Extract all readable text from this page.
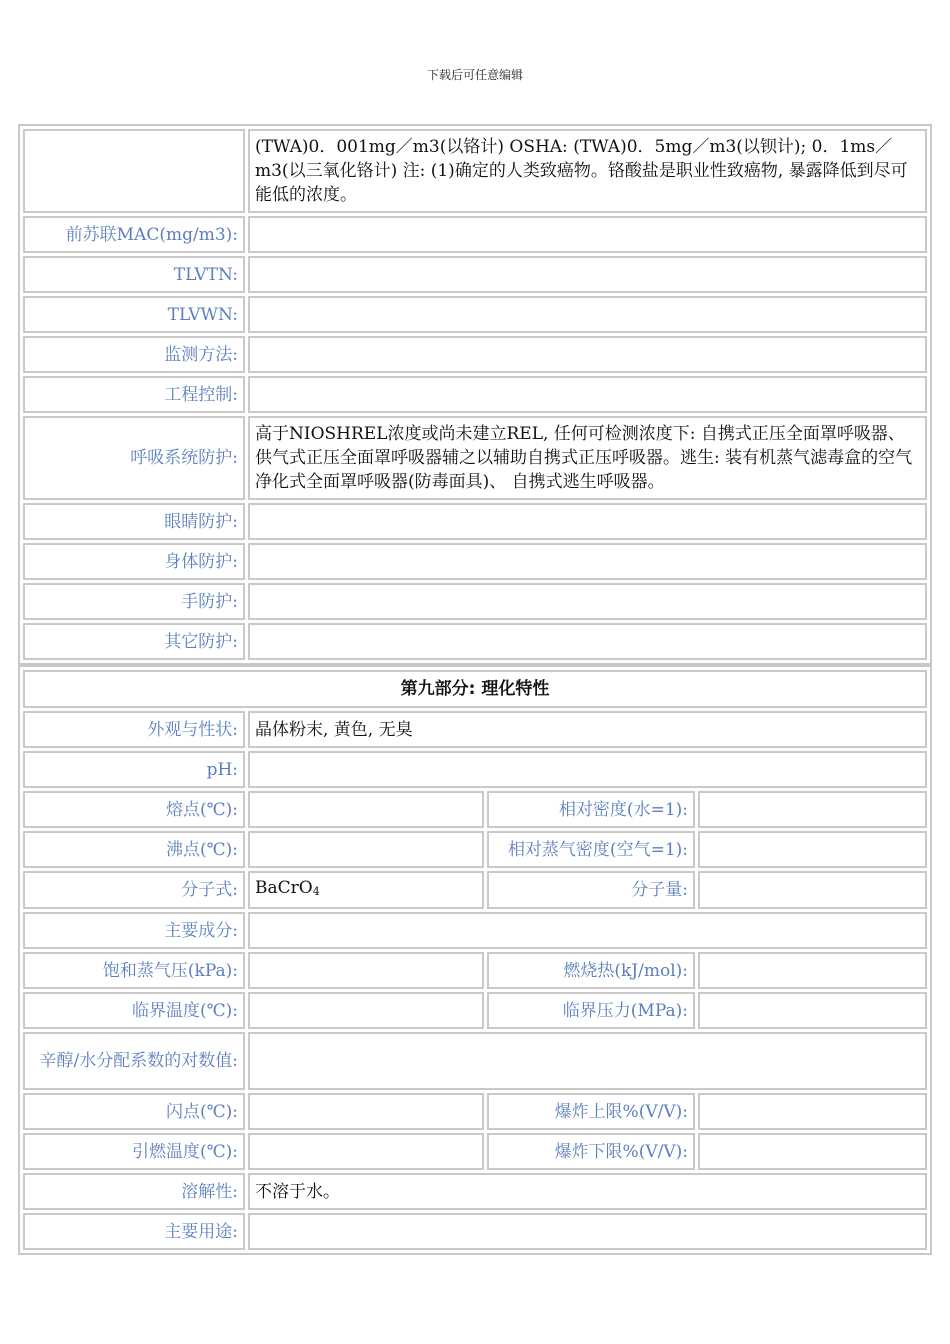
下载后可任意编辑
	(TWA)0．001mg／m3(以铬计) OSHA: (TWA)0．5mg／m3(以钡计); 0．1ms／m3(以三氧化铬计) 注: (1)确定的人类致癌物。铬酸盐是职业性致癌物, 暴露降低到尽可能低的浓度。
前苏联MAC(mg/m3):	
TLVTN:	
TLVWN:	
监测方法:	
工程控制:	
呼吸系统防护:	高于NIOSHREL浓度或尚未建立REL, 任何可检测浓度下: 自携式正压全面罩呼吸器、 供气式正压全面罩呼吸器辅之以辅助自携式正压呼吸器。逃生: 装有机蒸气滤毒盒的空气净化式全面罩呼吸器(防毒面具)、 自携式逃生呼吸器。
眼睛防护:	
身体防护:	
手防护:	
其它防护:	
第九部分: 理化特性			
外观与性状:	晶体粉末, 黄色, 无臭		
pH:			
熔点(℃):		相对密度(水=1):	
沸点(℃):		相对蒸气密度(空气=1):	
分子式:	BaCrO$_4$	分子量:	
主要成分:			
饱和蒸气压(kPa):		燃烧热(kJ/mol):	
临界温度(℃):		临界压力(MPa):	
辛醇/水分配系数的对数值:			
闪点(℃):		爆炸上限%(V/V):	
引燃温度(℃):		爆炸下限%(V/V):	
溶解性:	不溶于水。		
主要用途:			
